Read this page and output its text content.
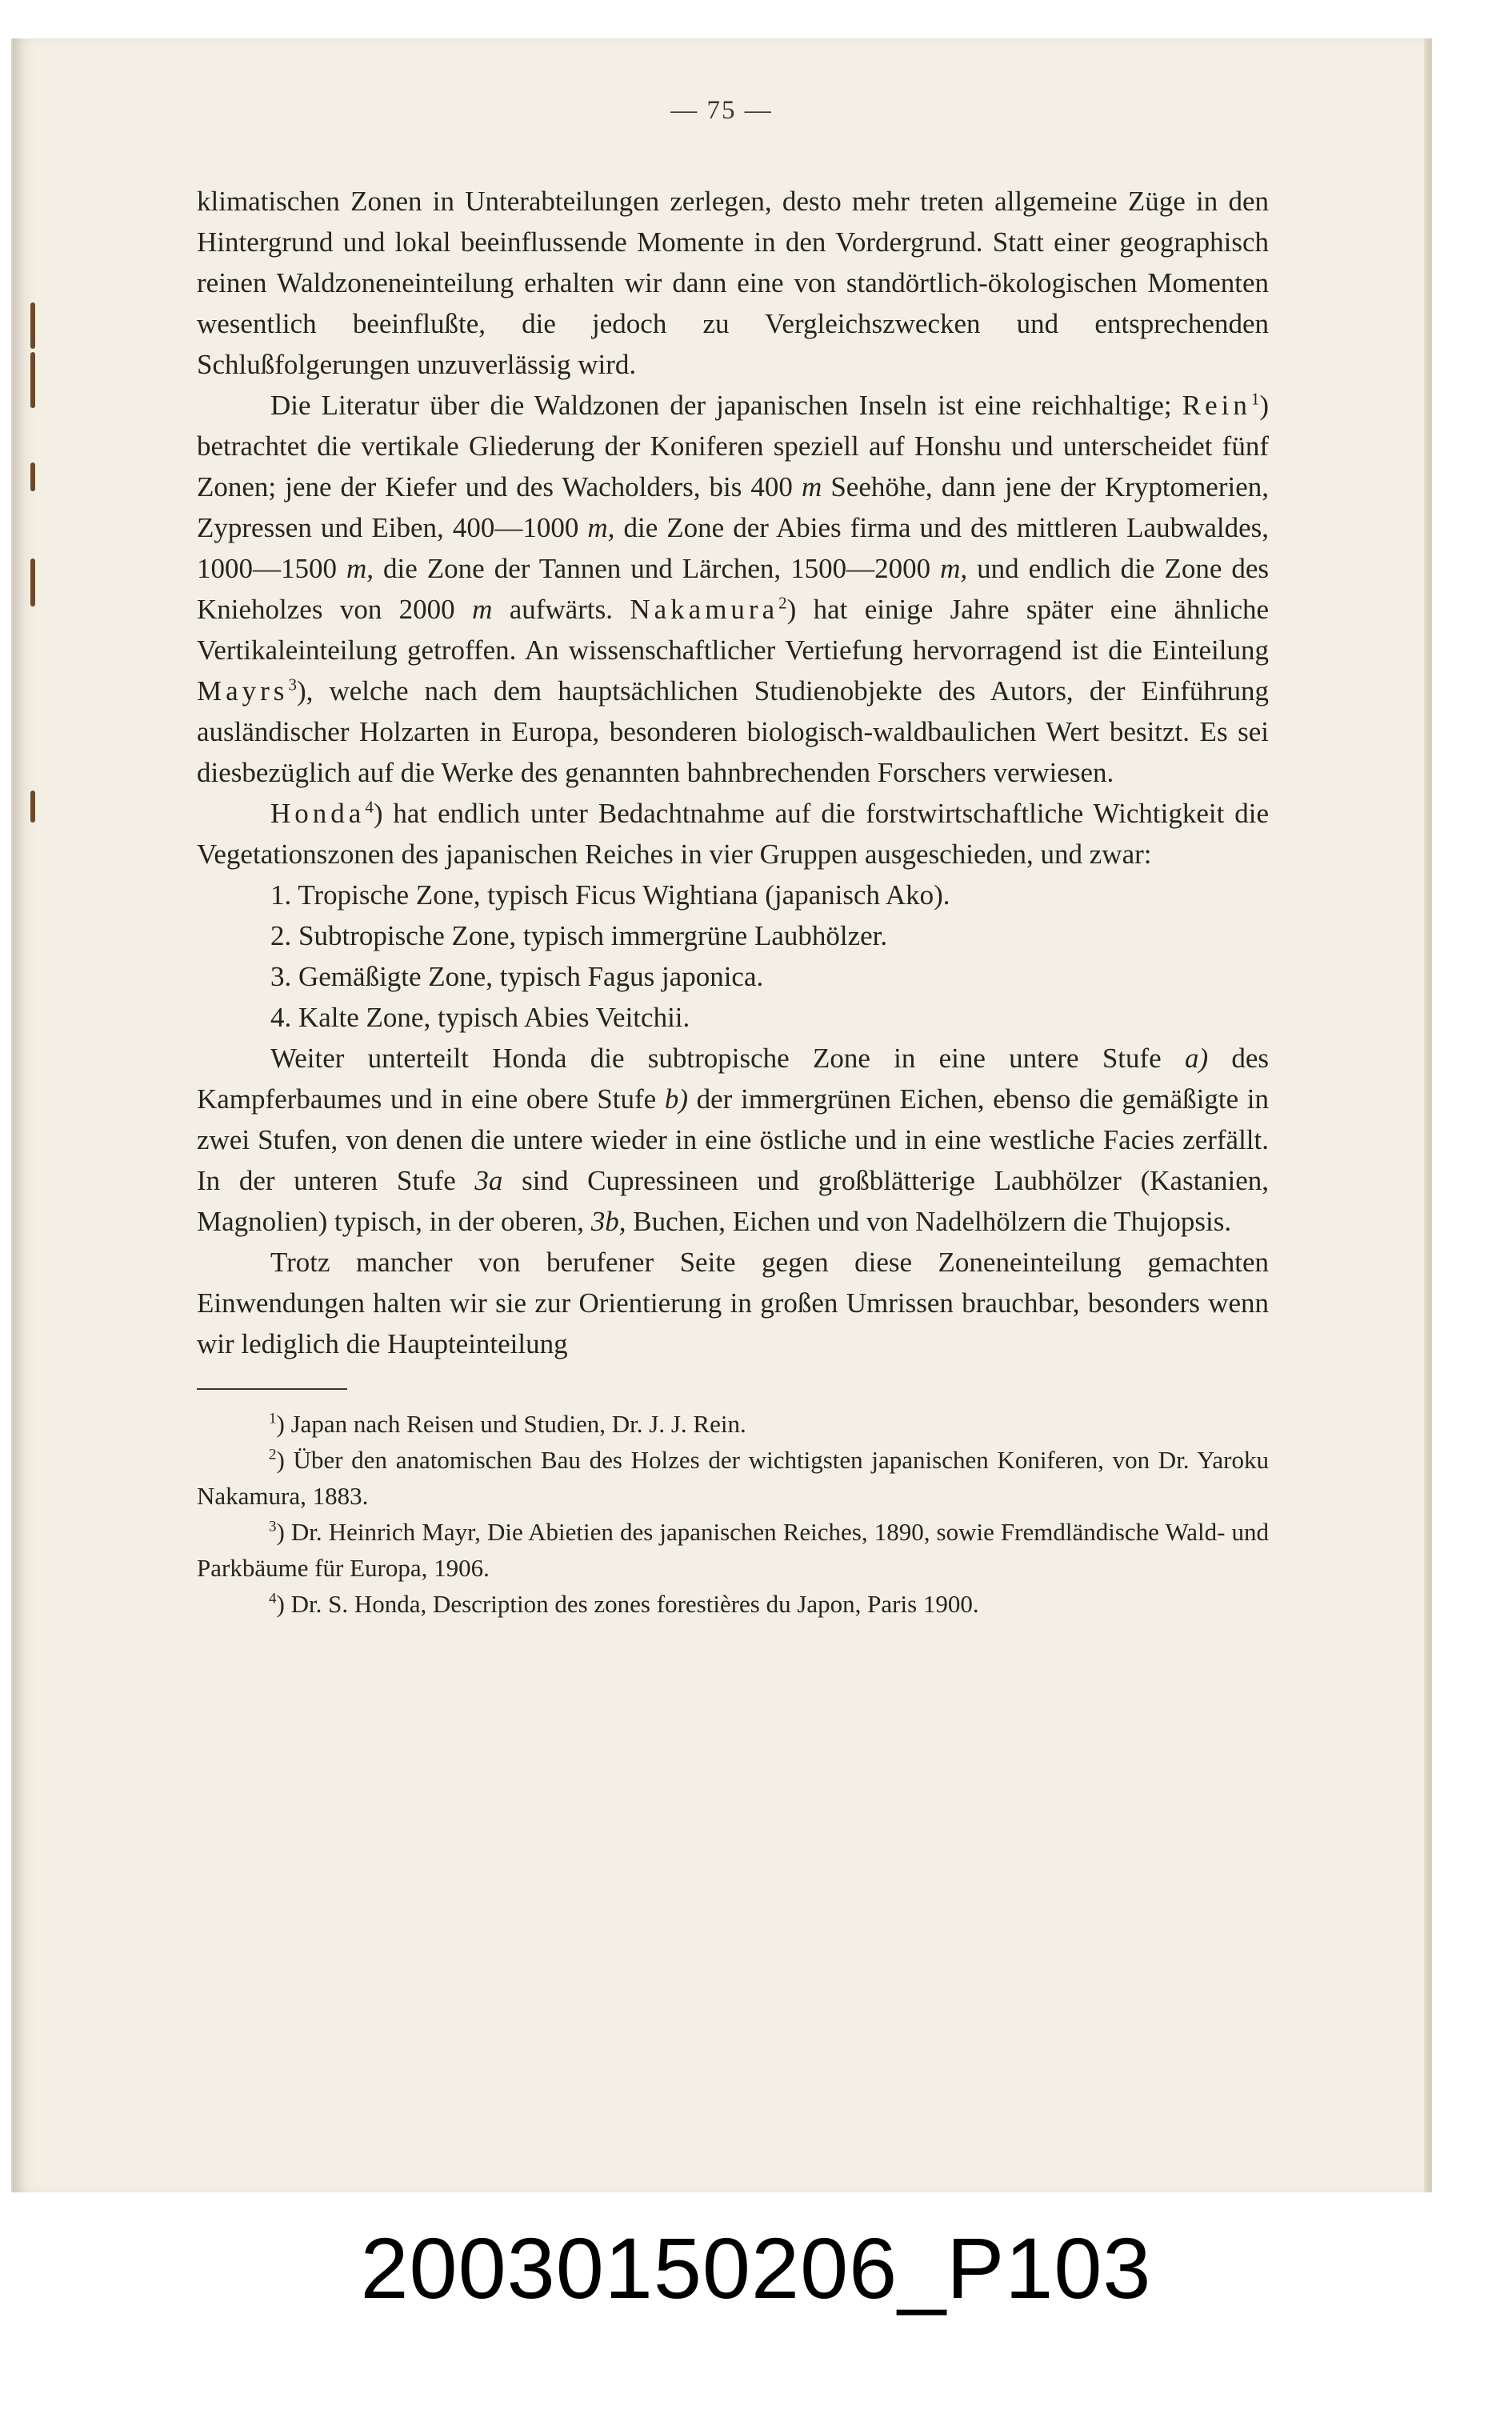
— 75 —

klimatischen Zonen in Unterabteilungen zerlegen, desto mehr treten allgemeine Züge in den Hintergrund und lokal beeinflussende Momente in den Vordergrund. Statt einer geographisch reinen Waldzoneneinteilung erhalten wir dann eine von standörtlich-ökologischen Momenten wesentlich beeinflußte, die jedoch zu Vergleichszwecken und entsprechenden Schlußfolgerungen unzuverlässig wird.

Die Literatur über die Waldzonen der japanischen Inseln ist eine reichhaltige; Rein$^1$) betrachtet die vertikale Gliederung der Koniferen speziell auf Honshu und unterscheidet fünf Zonen; jene der Kiefer und des Wacholders, bis 400 m Seehöhe, dann jene der Kryptomerien, Zypressen und Eiben, 400—1000 m, die Zone der Abies firma und des mittleren Laubwaldes, 1000—1500 m, die Zone der Tannen und Lärchen, 1500—2000 m, und endlich die Zone des Knieholzes von 2000 m aufwärts. Nakamura$^2$) hat einige Jahre später eine ähnliche Vertikaleinteilung getroffen. An wissenschaftlicher Vertiefung hervorragend ist die Einteilung Mayrs$^3$), welche nach dem hauptsächlichen Studienobjekte des Autors, der Einführung ausländischer Holzarten in Europa, besonderen biologisch-waldbaulichen Wert besitzt. Es sei diesbezüglich auf die Werke des genannten bahnbrechenden Forschers verwiesen.

Honda$^4$) hat endlich unter Bedachtnahme auf die forstwirtschaftliche Wichtigkeit die Vegetationszonen des japanischen Reiches in vier Gruppen ausgeschieden, und zwar:

1. Tropische Zone, typisch Ficus Wightiana (japanisch Ako).
2. Subtropische Zone, typisch immergrüne Laubhölzer.
3. Gemäßigte Zone, typisch Fagus japonica.
4. Kalte Zone, typisch Abies Veitchii.

Weiter unterteilt Honda die subtropische Zone in eine untere Stufe a) des Kampferbaumes und in eine obere Stufe b) der immergrünen Eichen, ebenso die gemäßigte in zwei Stufen, von denen die untere wieder in eine östliche und in eine westliche Facies zerfällt. In der unteren Stufe 3a sind Cupressineen und großblätterige Laubhölzer (Kastanien, Magnolien) typisch, in der oberen, 3b, Buchen, Eichen und von Nadelhölzern die Thujopsis.

Trotz mancher von berufener Seite gegen diese Zoneneinteilung gemachten Einwendungen halten wir sie zur Orientierung in großen Umrissen brauchbar, besonders wenn wir lediglich die Haupteinteilung

$^1$) Japan nach Reisen und Studien, Dr. J. J. Rein.

$^2$) Über den anatomischen Bau des Holzes der wichtigsten japanischen Koniferen, von Dr. Yaroku Nakamura, 1883.

$^3$) Dr. Heinrich Mayr, Die Abietien des japanischen Reiches, 1890, sowie Fremdländische Wald- und Parkbäume für Europa, 1906.

$^4$) Dr. S. Honda, Description des zones forestières du Japon, Paris 1900.

20030150206_P103
